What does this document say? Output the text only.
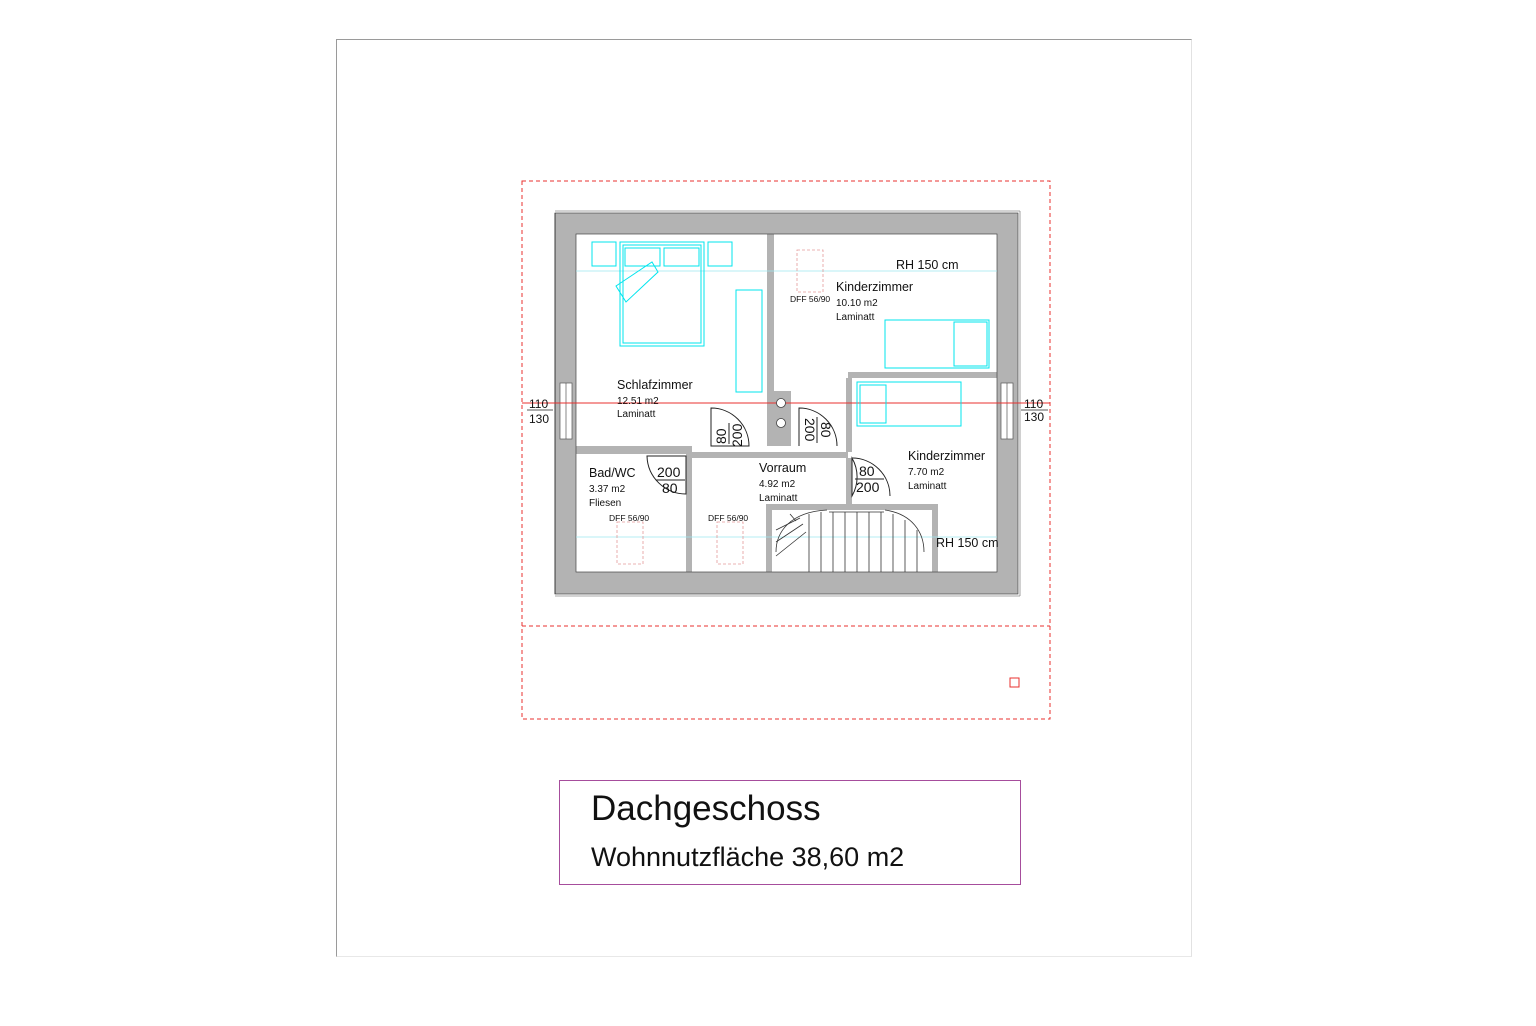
Schlafzimmer
12.51 m2
Laminatt
Kinderzimmer
10.10 m2
Laminatt
Kinderzimmer
7.70 m2
Laminatt
Bad/WC
3.37 m2
Fliesen
Vorraum
4.92 m2
Laminatt
DFF 56/90
DFF 56/90	DFF 56/90
RH 150 cm
RH 150 cm
110
130
110
130
80 200	200 80
200
80
80
200
Dachgeschoss
Wohnnutzfläche 38,60 m2
